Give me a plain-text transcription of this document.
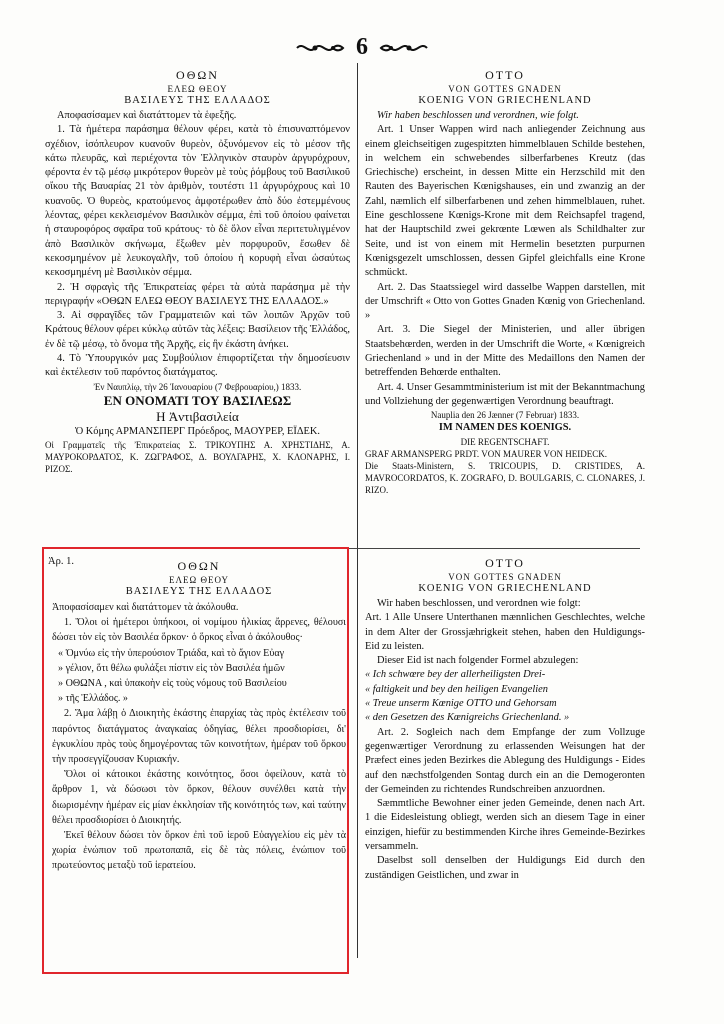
6
ΟΘΩΝ
ΕΛΕΩ ΘΕΟΥ
ΒΑΣΙΛΕΥΣ ΤΗΣ ΕΛΛΑΔΟΣ

Αποφασίσαμεν καὶ διατάττομεν τὰ ἑφεξῆς.

1. Τὰ ἡμέτερα παράσημα θέλουν φέρει, κατὰ τὸ ἐπισυναπτόμενον σχέδιον, ἰσόπλευρον κυανοῦν θυρεὸν, ὀξυνόμενον εἰς τὸ μέσον τῆς κάτω πλευρᾶς, καὶ περιέχοντα τὸν Ἑλληνικὸν σταυρὸν ἀργυρόχρουν, φέροντα ἐν τῷ μέσῳ μικρότερον θυρεὸν μὲ τοὺς ῥόμβους τοῦ Βασιλικοῦ οἴκου τῆς Βαυαρίας 21 τὸν ἀριθμὸν, τουτέστι 11 ἀργυρόχρους καὶ 10 κυανοῦς. Ὁ θυρεὸς, κρατούμενος ἀμφοτέρωθεν ἀπὸ δύο ἐστεμμένους λέοντας, φέρει κεκλεισμένον Βασιλικὸν σέμμα, ἐπὶ τοῦ ὁποίου φαίνεται ἡ σταυροφόρος σφαῖρα τοῦ κράτους· τὸ δὲ ὅλον εἶναι περιτετυλιγμένον ἀπὸ Βασιλικὸν σκήνωμα, ἔξωθεν μὲν πορφυροῦν, ἔσωθεν δὲ κεκοσμημένον μὲ λευκογαλῆν, τοῦ ὁποίου ἡ κορυφὴ εἶναι ὡσαύτως κεκοσμημένη μὲ Βασιλικὸν σέμμα.

2. Ἡ σφραγὶς τῆς Ἐπικρατείας φέρει τὰ αὐτὰ παράσημα μὲ τὴν περιγραφήν «ΟΘΩΝ ΕΛΕΩ ΘΕΟΥ ΒΑΣΙΛΕΥΣ ΤΗΣ ΕΛΛΑΔΟΣ.»

3. Αἱ σφραγῖδες τῶν Γραμματειῶν καὶ τῶν λοιπῶν Ἀρχῶν τοῦ Κράτους θέλουν φέρει κύκλῳ αὐτῶν τὰς λέξεις: Βασίλειον τῆς Ἑλλάδος, ἐν δὲ τῷ μέσῳ, τὸ ὄνομα τῆς Ἀρχῆς, εἰς ἣν ἐκάστη ἀνήκει.

4. Τὸ Ὑπουργικόν μας Συμβούλιον ἐπιφορτίζεται τὴν δημοσίευσιν καὶ ἐκτέλεσιν τοῦ παρόντος διατάγματος.

Ἐν Ναυπλίῳ, τὴν 26 Ἰανουαρίου (7 Φεβρουαρίου,) 1833.

ΕΝ ΟΝΟΜΑΤΙ ΤΟΥ ΒΑΣΙΛΕΩΣ

Η Ἀντιβασιλεία

Ὁ Κόμης ΑΡΜΑΝΣΠΕΡΓ Πρόεδρος, ΜΑΟΥΡΕΡ, ΕΪΔΕΚ.

Οἱ Γραμματεῖς τῆς Ἐπικρατείας Σ. ΤΡΙΚΟΥΠΗΣ Α. ΧΡΗΣΤΙΔΗΣ, Α. ΜΑΥΡΟΚΟΡΔΑΤΟΣ, Κ. ΖΩΓΡΑΦΟΣ, Δ. ΒΟΥΛΓΑΡΗΣ, Χ. ΚΛΟΝΑΡΗΣ, Ι. ΡΙΖΟΣ.

OTTO
VON GOTTES GNADEN
KOENIG VON GRIECHENLAND

Wir haben beschlossen und verordnen, wie folgt.

Art. 1 Unser Wappen wird nach anliegender Zeichnung aus einem gleichseitigen zugespitzten himmelblauen Schilde bestehen, in welchem ein schwebendes silberfarbenes Kreutz (das Griechische) erscheint, in dessen Mitte ein Herzschild mit den Rauten des Bayerischen Kœnigshauses, ein und zwanzig an der Zahl, næmlich elf silberfarbenen und zehen himmelblauen, ruhet. Eine geschlossene Kœnigs-Krone mit dem Reichsapfel tragend, hat der Hauptschild zwei gekrœnte Lœwen als Schildhalter zur Seite, und ist von einem mit Hermelin besetzten purpurnen Kœnigsgezelt umschlossen, dessen Gipfel gleichfalls eine Krone schmückt.

Art. 2. Das Staatssiegel wird dasselbe Wappen darstellen, mit der Umschrift « Otto von Gottes Gnaden Kœnig von Griechenland. »

Art. 3. Die Siegel der Ministerien, und aller übrigen Staatsbehœrden, werden in der Umschrift die Worte, « Kœnigreich Griechenland » und in der Mitte des Medaillons den Namen der betreffenden Behœrde enthalten.

Art. 4. Unser Gesammtministerium ist mit der Bekanntmachung und Vollziehung der gegenwærtigen Verordnung beauftragt.

Nauplia den 26 Jænner (7 Februar) 1833.

IM NAMEN DES KOENIGS.

DIE REGENTSCHAFT.

GRAF ARMANSPERG PRDT. VON MAURER VON HEIDECK.

Die Staats-Ministern, S. TRICOUPIS, D. CRISTIDES, A. MAVROCORDATOS, K. ZOGRAFO, D. BOULGARIS, C. CLONARES, J. RIZO.

Ἀρ. 1.	ΟΘΩΝ
ΕΛΕΩ ΘΕΟΥ
ΒΑΣΙΛΕΥΣ ΤΗΣ ΕΛΛΑΔΟΣ

Ἀποφασίσαμεν καὶ διατάττομεν τὰ ἀκόλουθα.

1. Ὅλοι οἱ ἡμέτεροι ὑπήκοοι, οἱ νομίμου ἡλικίας ἄρρενες, θέλουσι δώσει τὸν εἰς τὸν Βασιλέα ὅρκον· ὁ ὅρκος εἶναι ὁ ἀκόλουθος·

« Ὀμνύω εἰς τὴν ὑπερούσιον Τριάδα, καὶ τὸ ἅγιον Εὐαγ

» γέλιον, ὅτι θέλω φυλάξει πίστιν εἰς τὸν Βασιλέα ἡμῶν

» ΟΘΩΝΑ , καὶ ὑπακοὴν εἰς τοὺς νόμους τοῦ Βασιλείου

» τῆς Ἑλλάδος. »

2. Ἅμα λάβῃ ὁ Διοικητὴς ἑκάστης ἐπαρχίας τὰς πρὸς ἐκτέλεσιν τοῦ παρόντος διατάγματος ἀναγκαίας ὁδηγίας, θέλει προσδιορίσει, δι' ἐγκυκλίου πρὸς τοὺς δημογέροντας τῶν κοινοτήτων, ἡμέραν τοῦ ὅρκου τὴν προσεγγίζουσαν Κυριακήν.

Ὅλοι οἱ κάτοικοι ἑκάστης κοινότητος, ὅσοι ὀφείλουν, κατὰ τὸ ἄρθρον 1, νὰ δώσωσι τὸν ὅρκον, θέλουν συνέλθει κατὰ τὴν διωρισμένην ἡμέραν εἰς μίαν ἐκκλησίαν τῆς κοινότητός των, καὶ ταύτην θέλει προσδιορίσει ὁ Διοικητής.

Ἐκεῖ θέλουν δώσει τὸν ὅρκον ἐπὶ τοῦ ἱεροῦ Εὐαγγελίου εἰς μὲν τὰ χωρία ἐνώπιον τοῦ πρωτοπαπᾶ, εἰς δὲ τὰς πόλεις, ἐνώπιον τοῦ πρωτεύοντος μεταξὺ τοῦ ἱερατείου.

OTTO
VON GOTTES GNADEN
KOENIG VON GRIECHENLAND

Wir haben beschlossen, und verordnen wie folgt:

Art. 1 Alle Unsere Unterthanen mænnlichen Geschlechtes, welche in dem Alter der Grossjæhrigkeit stehen, haben den Huldigungs-Eid zu leisten.

Dieser Eid ist nach folgender Formel abzulegen:

« Ich schwœre bey der allerheiligsten Drei-

« faltigkeit und bey den heiligen Evangelien

« Treue unserm Kœnige OTTO und Gehorsam

« den Gesetzen des Kœnigreichs Griechenland. »

Art. 2. Sogleich nach dem Empfange der zum Vollzuge gegenwærtiger Verordnung zu erlassenden Weisungen hat der Præfect eines jeden Bezirkes die Ablegung des Huldigungs - Eides auf den næchstfolgenden Sontag durch ein an die Demogeronten der Gemeinden zu richtendes Rundschreiben anzuordnen.

Sæmmtliche Bewohner einer jeden Gemeinde, denen nach Art. 1 die Eidesleistung obliegt, werden sich an diesem Tage in einer einzigen, hiefür zu bestimmenden Kirche ihres Gemeinde-Bezirkes versammeln.

Daselbst soll denselben der Huldigungs Eid durch den zuständigen Geistlichen, und zwar in
